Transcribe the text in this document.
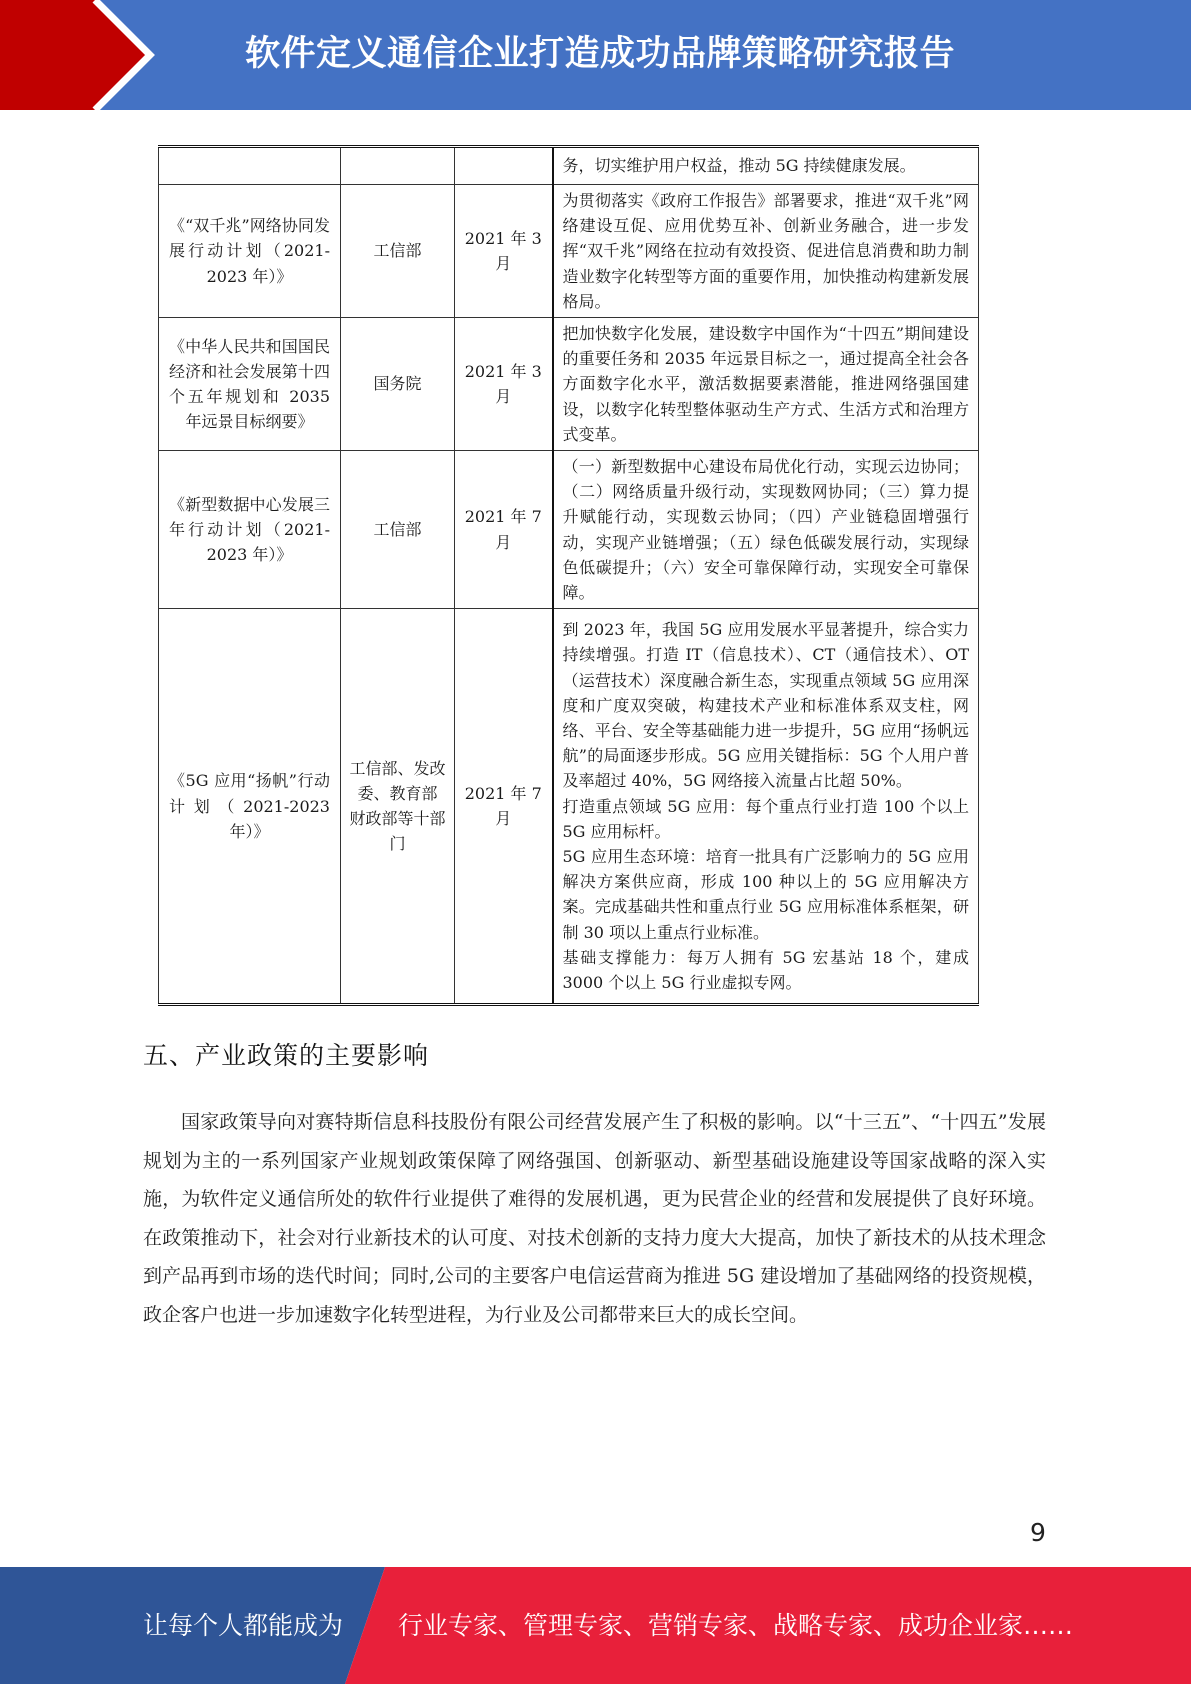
软件定义通信企业打造成功品牌策略研究报告

			务，切实维护用户权益，推动 5G 持续健康发展。

《“双千兆”网络协同发展行动计划（2021-2023 年）》	工信部	2021 年 3 月	为贯彻落实《政府工作报告》部署要求，推进“双千兆”网络建设互促、应用优势互补、创新业务融合，进一步发挥“双千兆”网络在拉动有效投资、促进信息消费和助力制造业数字化转型等方面的重要作用，加快推动构建新发展格局。

《中华人民共和国国民经济和社会发展第十四个五年规划和 2035 年远景目标纲要》	国务院	2021 年 3 月	把加快数字化发展，建设数字中国作为“十四五”期间建设的重要任务和 2035 年远景目标之一，通过提高全社会各方面数字化水平，激活数据要素潜能，推进网络强国建设，以数字化转型整体驱动生产方式、生活方式和治理方式变革。

《新型数据中心发展三年行动计划（2021-2023 年）》	工信部	2021 年 7 月	（一）新型数据中心建设布局优化行动，实现云边协同；（二）网络质量升级行动，实现数网协同；（三）算力提升赋能行动，实现数云协同；（四）产业链稳固增强行动，实现产业链增强；（五）绿色低碳发展行动，实现绿色低碳提升；（六）安全可靠保障行动，实现安全可靠保障。

《5G 应用“扬帆”行动计划（2021-2023 年）》	工信部、发改委、教育部 财政部等十部门	2021 年 7 月	到 2023 年，我国 5G 应用发展水平显著提升，综合实力持续增强。打造 IT（信息技术）、CT（通信技术）、OT（运营技术）深度融合新生态，实现重点领域 5G 应用深度和广度双突破，构建技术产业和标准体系双支柱，网络、平台、安全等基础能力进一步提升，5G 应用“扬帆远航”的局面逐步形成。5G 应用关键指标：5G 个人用户普及率超过 40%，5G 网络接入流量占比超 50%。
打造重点领域 5G 应用：每个重点行业打造 100 个以上 5G 应用标杆。
5G 应用生态环境：培育一批具有广泛影响力的 5G 应用解决方案供应商，形成 100 种以上的 5G 应用解决方案。完成基础共性和重点行业 5G 应用标准体系框架，研制 30 项以上重点行业标准。
基础支撑能力：每万人拥有 5G 宏基站 18 个，建成 3000 个以上 5G 行业虚拟专网。
五、产业政策的主要影响
国家政策导向对赛特斯信息科技股份有限公司经营发展产生了积极的影响。以“十三五”、“十四五”发展规划为主的一系列国家产业规划政策保障了网络强国、创新驱动、新型基础设施建设等国家战略的深入实施，为软件定义通信所处的软件行业提供了难得的发展机遇，更为民营企业的经营和发展提供了良好环境。在政策推动下，社会对行业新技术的认可度、对技术创新的支持力度大大提高，加快了新技术的从技术理念到产品再到市场的迭代时间；同时,公司的主要客户电信运营商为推进 5G 建设增加了基础网络的投资规模，政企客户也进一步加速数字化转型进程，为行业及公司都带来巨大的成长空间。
9
让每个人都能成为 行业专家、管理专家、营销专家、战略专家、成功企业家……
